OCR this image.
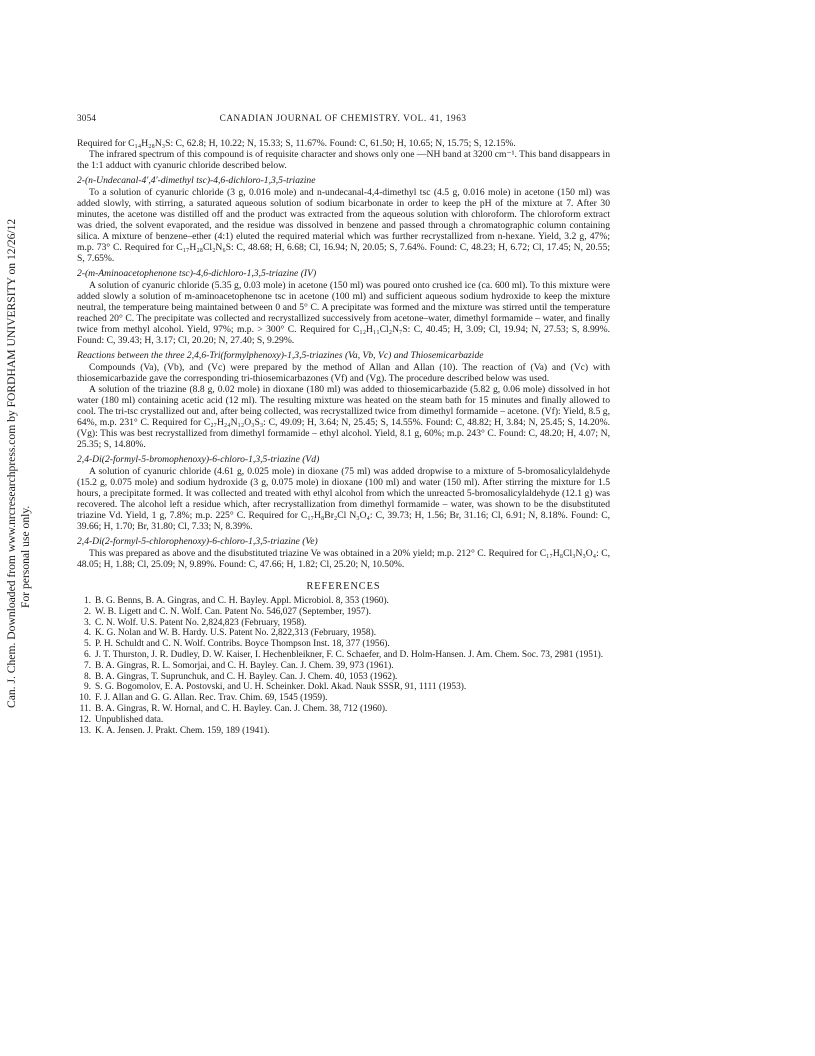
Can. J. Chem. Downloaded from www.nrcresearchpress.com by FORDHAM UNIVERSITY on 12/26/12 For personal use only.
3054	CANADIAN JOURNAL OF CHEMISTRY. VOL. 41, 1963

Required for C₁₄H₂₈N₃S: C, 62.8; H, 10.22; N, 15.33; S, 11.67%. Found: C, 61.50; H, 10.65; N, 15.75; S, 12.15%.

The infrared spectrum of this compound is of requisite character and shows only one —NH band at 3200 cm⁻¹. This band disappears in the 1:1 adduct with cyanuric chloride described below.

2-(n-Undecanal-4',4'-dimethyl tsc)-4,6-dichloro-1,3,5-triazine

To a solution of cyanuric chloride (3 g, 0.016 mole) and n-undecanal-4,4-dimethyl tsc (4.5 g, 0.016 mole) in acetone (150 ml) was added slowly, with stirring, a saturated aqueous solution of sodium bicarbonate in order to keep the pH of the mixture at 7. After 30 minutes, the acetone was distilled off and the product was extracted from the aqueous solution with chloroform. The chloroform extract was dried, the solvent evaporated, and the residue was dissolved in benzene and passed through a chromatographic column containing silica. A mixture of benzene–ether (4:1) eluted the required material which was further recrystallized from n-hexane. Yield, 3.2 g, 47%; m.p. 73° C. Required for C₁₇H₂₈Cl₂N₆S: C, 48.68; H, 6.68; Cl, 16.94; N, 20.05; S, 7.64%. Found: C, 48.23; H, 6.72; Cl, 17.45; N, 20.55; S, 7.65%.

2-(m-Aminoacetophenone tsc)-4,6-dichloro-1,3,5-triazine (IV)

A solution of cyanuric chloride (5.35 g, 0.03 mole) in acetone (150 ml) was poured onto crushed ice (ca. 600 ml). To this mixture were added slowly a solution of m-aminoacetophenone tsc in acetone (100 ml) and sufficient aqueous sodium hydroxide to keep the mixture neutral, the temperature being maintained between 0 and 5° C. A precipitate was formed and the mixture was stirred until the temperature reached 20° C. The precipitate was collected and recrystallized successively from acetone–water, dimethyl formamide – water, and finally twice from methyl alcohol. Yield, 97%; m.p. > 300° C. Required for C₁₂H₁₁Cl₂N₇S: C, 40.45; H, 3.09; Cl, 19.94; N, 27.53; S, 8.99%. Found: C, 39.43; H, 3.17; Cl, 20.20; N, 27.40; S, 9.29%.

Reactions between the three 2,4,6-Tri(formylphenoxy)-1,3,5-triazines (Va, Vb, Vc) and Thiosemicarbazide

Compounds (Va), (Vb), and (Vc) were prepared by the method of Allan and Allan (10). The reaction of (Va) and (Vc) with thiosemicarbazide gave the corresponding tri-thiosemicarbazones (Vf) and (Vg). The procedure described below was used.

A solution of the triazine (8.8 g, 0.02 mole) in dioxane (180 ml) was added to thiosemicarbazide (5.82 g, 0.06 mole) dissolved in hot water (180 ml) containing acetic acid (12 ml). The resulting mixture was heated on the steam bath for 15 minutes and finally allowed to cool. The tri-tsc crystallized out and, after being collected, was recrystallized twice from dimethyl formamide – acetone. (Vf): Yield, 8.5 g, 64%, m.p. 231° C. Required for C₂₇H₂₄N₁₂O₃S₃: C, 49.09; H, 3.64; N, 25.45; S, 14.55%. Found: C, 48.82; H, 3.84; N, 25.45; S, 14.20%. (Vg): This was best recrystallized from dimethyl formamide – ethyl alcohol. Yield, 8.1 g, 60%; m.p. 243° C. Found: C, 48.20; H, 4.07; N, 25.35; S, 14.80%.

2,4-Di(2-formyl-5-bromophenoxy)-6-chloro-1,3,5-triazine (Vd)

A solution of cyanuric chloride (4.61 g, 0.025 mole) in dioxane (75 ml) was added dropwise to a mixture of 5-bromosalicylaldehyde (15.2 g, 0.075 mole) and sodium hydroxide (3 g, 0.075 mole) in dioxane (100 ml) and water (150 ml). After stirring the mixture for 1.5 hours, a precipitate formed. It was collected and treated with ethyl alcohol from which the unreacted 5-bromosalicylaldehyde (12.1 g) was recovered. The alcohol left a residue which, after recrystallization from dimethyl formamide – water, was shown to be the disubstituted triazine Vd. Yield, 1 g, 7.8%; m.p. 225° C. Required for C₁₇H₈Br₂Cl N₃O₄: C, 39.73; H, 1.56; Br, 31.16; Cl, 6.91; N, 8.18%. Found: C, 39.66; H, 1.70; Br, 31.80; Cl, 7.33; N, 8.39%.

2,4-Di(2-formyl-5-chlorophenoxy)-6-chloro-1,3,5-triazine (Ve)

This was prepared as above and the disubstituted triazine Ve was obtained in a 20% yield; m.p. 212° C. Required for C₁₇H₈Cl₃N₃O₄: C, 48.05; H, 1.88; Cl, 25.09; N, 9.89%. Found: C, 47.66; H, 1.82; Cl, 25.20; N, 10.50%.

REFERENCES
1. B. G. Benns, B. A. Gingras, and C. H. Bayley. Appl. Microbiol. 8, 353 (1960).
2. W. B. Ligett and C. N. Wolf. Can. Patent No. 546,027 (September, 1957).
3. C. N. Wolf. U.S. Patent No. 2,824,823 (February, 1958).
4. K. G. Nolan and W. B. Hardy. U.S. Patent No. 2,822,313 (February, 1958).
5. P. H. Schuldt and C. N. Wolf. Contribs. Boyce Thompson Inst. 18, 377 (1956).
6. J. T. Thurston, J. R. Dudley, D. W. Kaiser, I. Hechenbleikner, F. C. Schaefer, and D. Holm-Hansen. J. Am. Chem. Soc. 73, 2981 (1951).
7. B. A. Gingras, R. L. Somorjai, and C. H. Bayley. Can. J. Chem. 39, 973 (1961).
8. B. A. Gingras, T. Suprunchuk, and C. H. Bayley. Can. J. Chem. 40, 1053 (1962).
9. S. G. Bogomolov, E. A. Postovski, and U. H. Scheinker. Dokl. Akad. Nauk SSSR, 91, 1111 (1953).
10. F. J. Allan and G. G. Allan. Rec. Trav. Chim. 69, 1545 (1959).
11. B. A. Gingras, R. W. Hornal, and C. H. Bayley. Can. J. Chem. 38, 712 (1960).
12. Unpublished data.
13. K. A. Jensen. J. Prakt. Chem. 159, 189 (1941).
